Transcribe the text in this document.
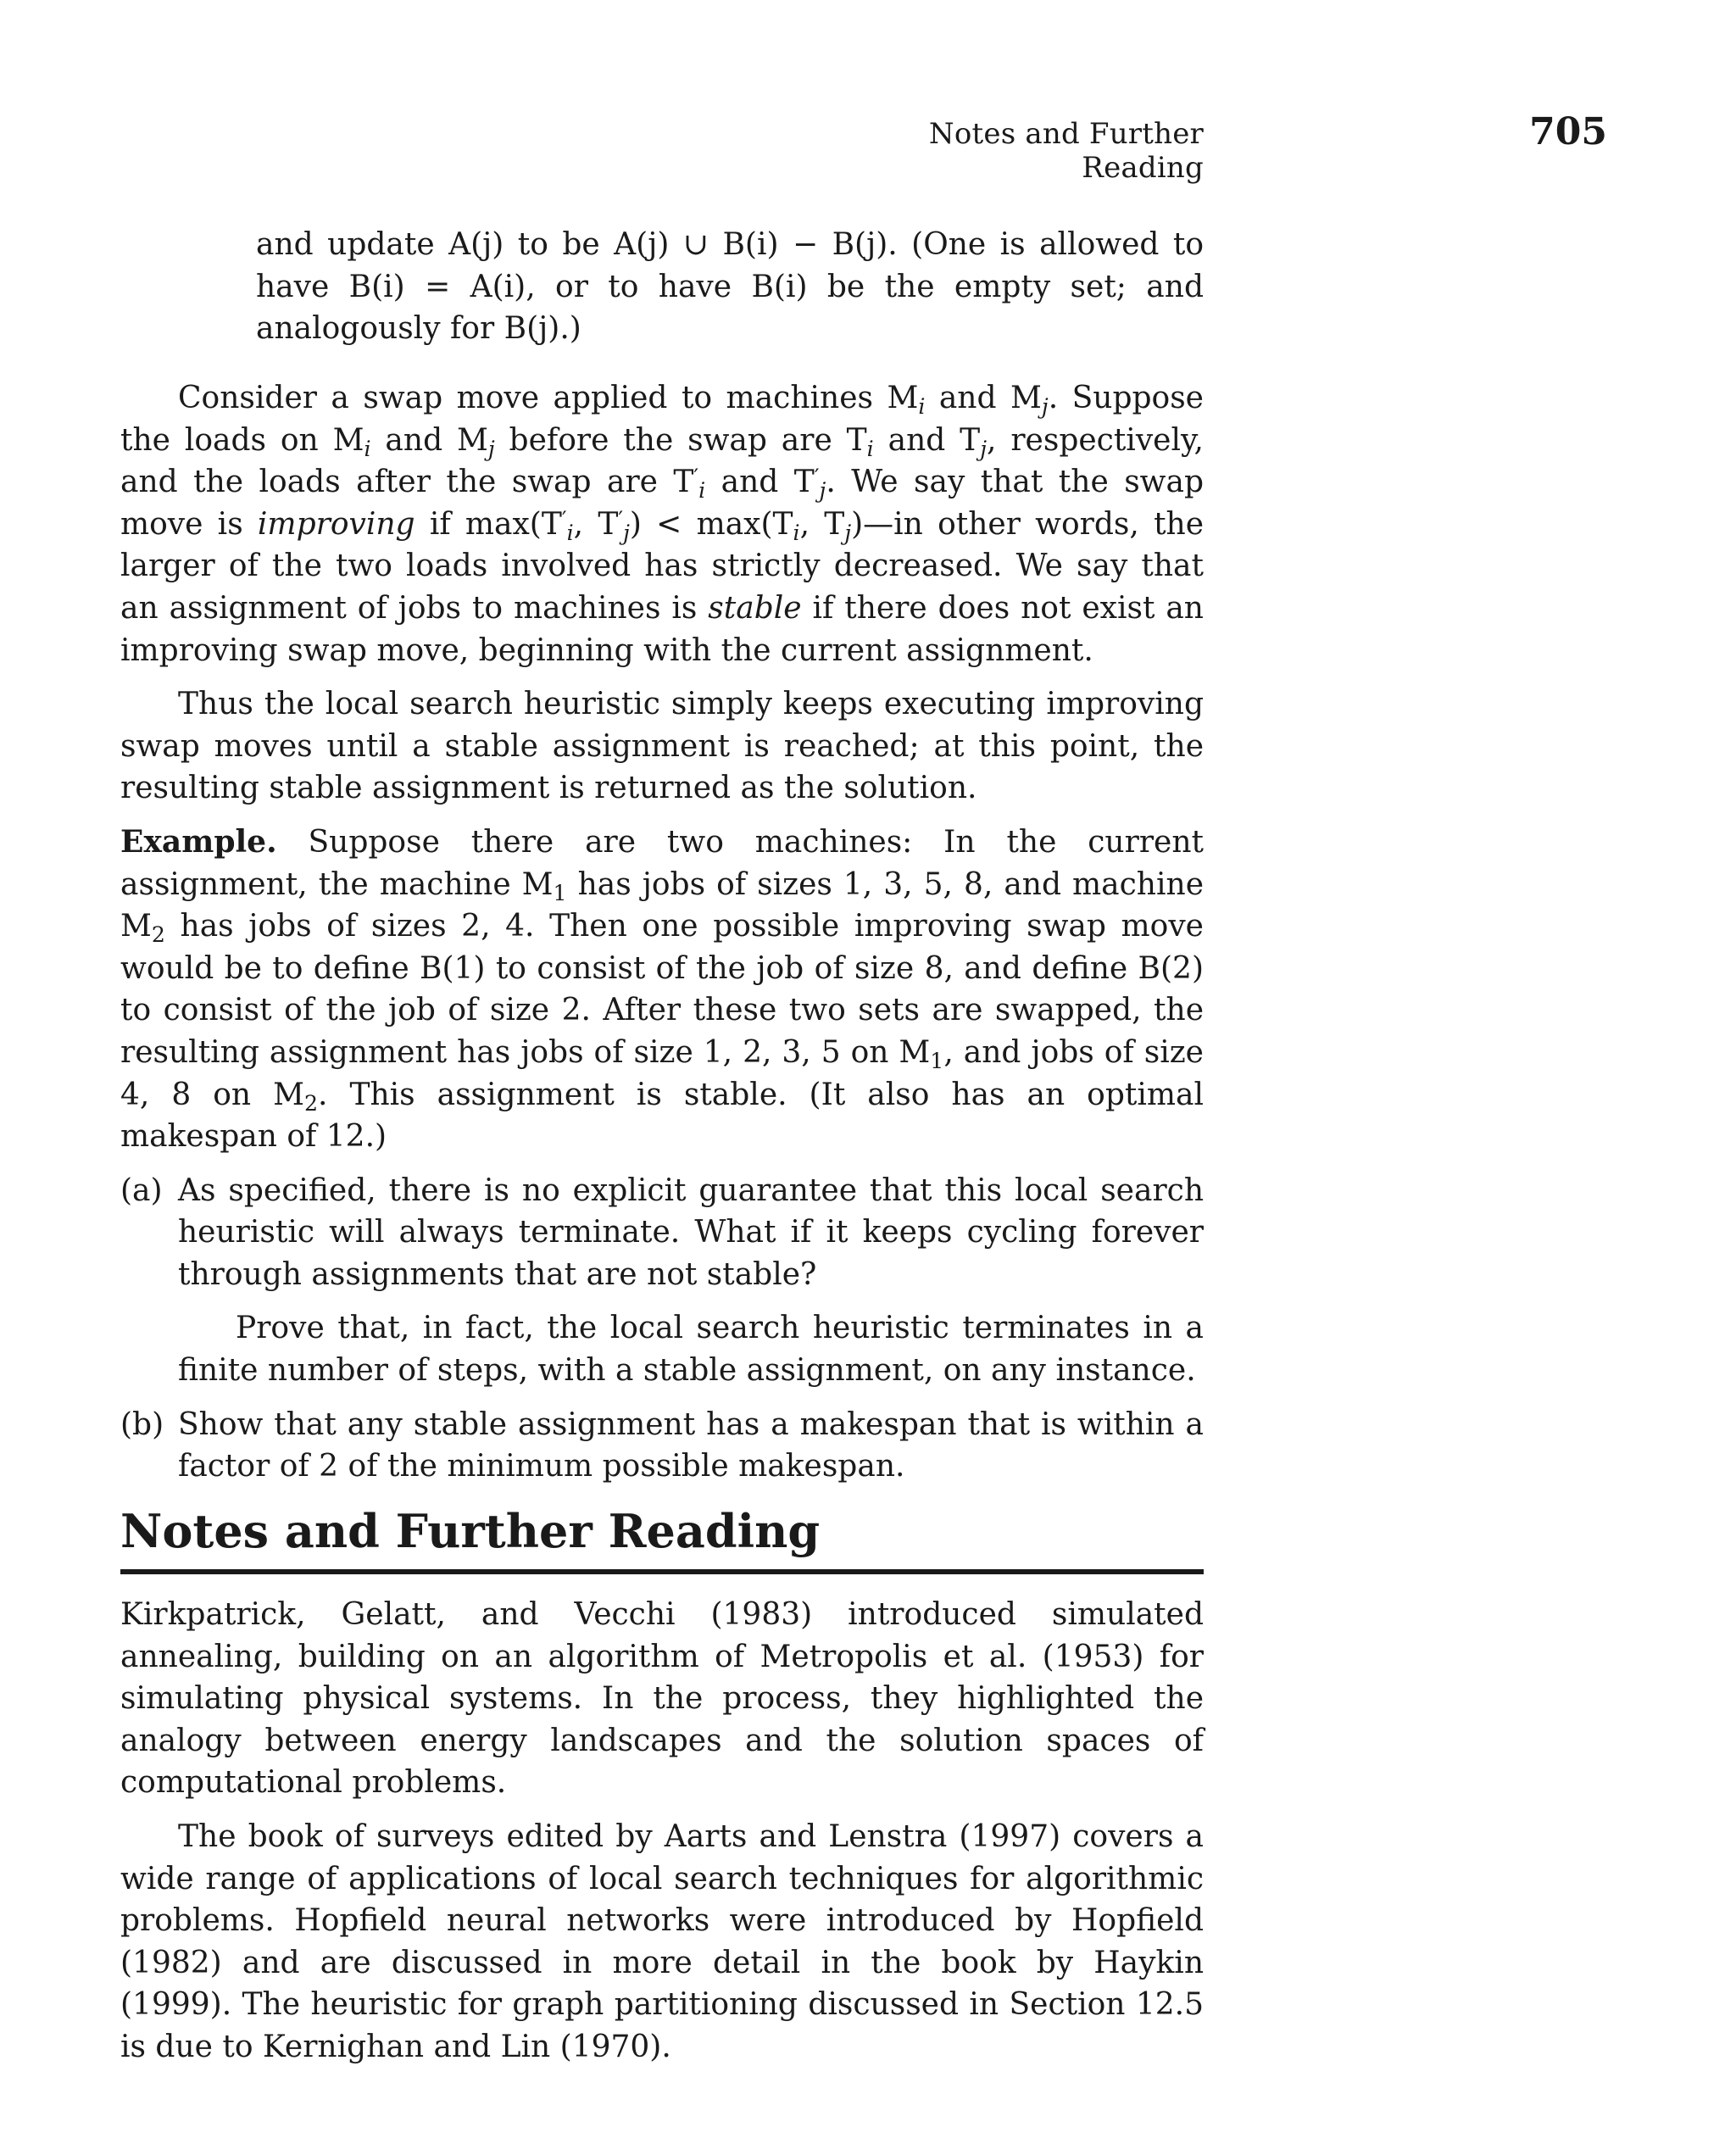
Notes and Further Reading
705

and update A(j) to be A(j) ∪ B(i) − B(j). (One is allowed to have B(i) = A(i), or to have B(i) be the empty set; and analogously for B(j).)

Consider a swap move applied to machines $M_i$ and $M_j$. Suppose the loads on $M_i$ and $M_j$ before the swap are $T_i$ and $T_j$, respectively, and the loads after the swap are $T'_i$ and $T'_j$. We say that the swap move is improving if $\max(T'_i$, $T'_j) < \max(T_i$, $T_j)—in$ other words, the larger of the two loads involved has strictly decreased. We say that an assignment of jobs to machines is stable if there does not exist an improving swap move, beginning with the current assignment.

Thus the local search heuristic simply keeps executing improving swap moves until a stable assignment is reached; at this point, the resulting stable assignment is returned as the solution.

Example. Suppose there are two machines: In the current assignment, the machine $M_1$ has jobs of sizes 1, 3, 5, 8, and machine $M_2$ has jobs of sizes 2, 4. Then one possible improving swap move would be to define B(1) to consist of the job of size 8, and define B(2) to consist of the job of size 2. After these two sets are swapped, the resulting assignment has jobs of size 1, 2, 3, 5 on $M_1$, and jobs of size 4, 8 on $M_2$. This assignment is stable. (It also has an optimal makespan of 12.)

(a) As specified, there is no explicit guarantee that this local search heuristic will always terminate. What if it keeps cycling forever through assignments that are not stable?

Prove that, in fact, the local search heuristic terminates in a finite number of steps, with a stable assignment, on any instance.

(b) Show that any stable assignment has a makespan that is within a factor of 2 of the minimum possible makespan.

Notes and Further Reading

Kirkpatrick, Gelatt, and Vecchi (1983) introduced simulated annealing, building on an algorithm of Metropolis et al. (1953) for simulating physical systems. In the process, they highlighted the analogy between energy landscapes and the solution spaces of computational problems.

The book of surveys edited by Aarts and Lenstra (1997) covers a wide range of applications of local search techniques for algorithmic problems. Hopfield neural networks were introduced by Hopfield (1982) and are discussed in more detail in the book by Haykin (1999). The heuristic for graph partitioning discussed in Section 12.5 is due to Kernighan and Lin (1970).
